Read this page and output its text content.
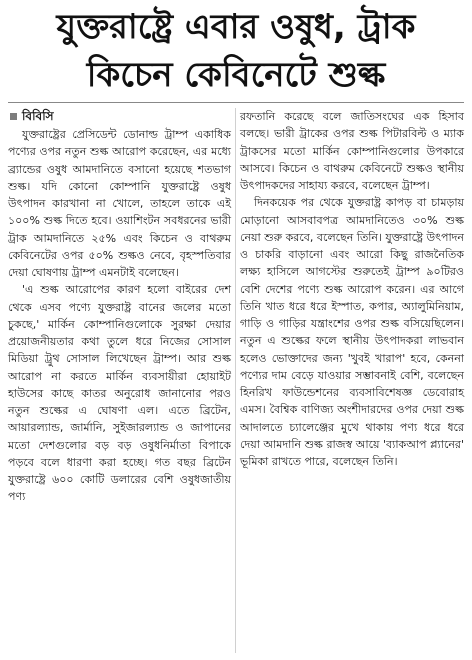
যুক্তরাষ্ট্রে এবার ওষুধ, ট্রাক
কিচেন কেবিনেটে শুল্ক
বিবিসি

যুক্তরাষ্ট্রের প্রেসিডেন্ট ডোনাল্ড ট্রাম্প একাধিক পণ্যের ওপর নতুন শুল্ক আরোপ করেছেন, এর মধ্যে ব্র্যান্ডের ওষুধ আমদানিতে বসানো হয়েছে শতভাগ শুল্ক। যদি কোনো কোম্পানি যুক্তরাষ্ট্রে ওষুধ উৎপাদন কারখানা না খোলে, তাহলে তাকে এই ১০০% শুল্ক দিতে হবে। ওয়াশিংটন সবধরনের ভারী ট্রাক আমদানিতে ২৫% এবং কিচেন ও বাথরুম কেবিনেটের ওপর ৫০% শুল্কও নেবে, বৃহস্পতিবার দেয়া ঘোষণায় ট্রাম্প এমনটাই বলেছেন।

'এ শুল্ক আরোপের কারণ হলো বাইরের দেশ থেকে এসব পণ্যে যুক্তরাষ্ট্র বানের জলের মতো চুকছে,' মার্কিন কোম্পানিগুলোকে সুরক্ষা দেয়ার প্রয়োজনীয়তার কথা তুলে ধরে নিজের সোসাল মিডিয়া ট্রুথ সোসাল লিখেছেন ট্রাম্প। আর শুল্ক আরোপ না করতে মার্কিন ব্যবসায়ীরা হোয়াইট হাউসের কাছে কাতর অনুরোধ জানানোর পরও নতুন শুল্কের এ ঘোষণা এল। এতে ব্রিটেন, আয়ারল্যান্ড, জার্মানি, সুইজারল্যান্ড ও জাপানের মতো দেশগুলোর বড় বড় ওষুধনির্মাতা বিপাকে পড়বে বলে ধারণা করা হচ্ছে। গত বছর ব্রিটেন যুক্তরাষ্ট্রে ৬০০ কোটি ডলারের বেশি ওষুধজাতীয় পণ্য

রফতানি করেছে বলে জাতিসংঘের এক হিসাব বলছে। ভারী ট্রাকের ওপর শুল্ক পিটারবিল্ট ও ম্যাক ট্রাকসের মতো মার্কিন কোম্পানিগুলোর উপকারে আসবে। কিচেন ও বাথরুম কেবিনেটে শুল্কও স্থানীয় উৎপাদকদের সাহায্য করবে, বলেছেন ট্রাম্প।

দিনকয়েক পর থেকে যুক্তরাষ্ট্র কাপড় বা চামড়ায় মোড়ানো আসবাবপত্র আমদানিতেও ৩০% শুল্ক নেয়া শুরু করবে, বলেছেন তিনি। যুক্তরাষ্ট্রে উৎপাদন ও চাকরি বাড়ানো এবং আরো কিছু রাজনৈতিক লক্ষ্য হাসিলে আগস্টের শুরুতেই ট্রাম্প ৯০টিরও বেশি দেশের পণ্যে শুল্ক আরোপ করেন। এর আগে তিনি খাত ধরে ধরে ইস্পাত, কপার, অ্যালুমিনিয়াম, গাড়ি ও গাড়ির যন্ত্রাংশের ওপর শুল্ক বসিয়েছিলেন। নতুন এ শুল্কের ফলে স্থানীয় উৎপাদকরা লাভবান হলেও ভোক্তাদের জন্য 'খুবই খারাপ' হবে, কেননা পণ্যের দাম বেড়ে যাওয়ার সম্ভাবনাই বেশি, বলেছেন হিনরিখ ফাউন্ডেশনের ব্যবসাবিশেষজ্ঞ ডেবোরাহ এমস। বৈশ্বিক বাণিজ্য অংশীদারদের ওপর দেয়া শুল্ক আদালতে চ্যালেঞ্জের মুখে থাকায় পণ্য ধরে ধরে দেয়া আমদানি শুল্ক রাজস্ব আয়ে 'ব্যাকআপ প্ল্যানের' ভূমিকা রাখতে পারে, বলেছেন তিনি।
